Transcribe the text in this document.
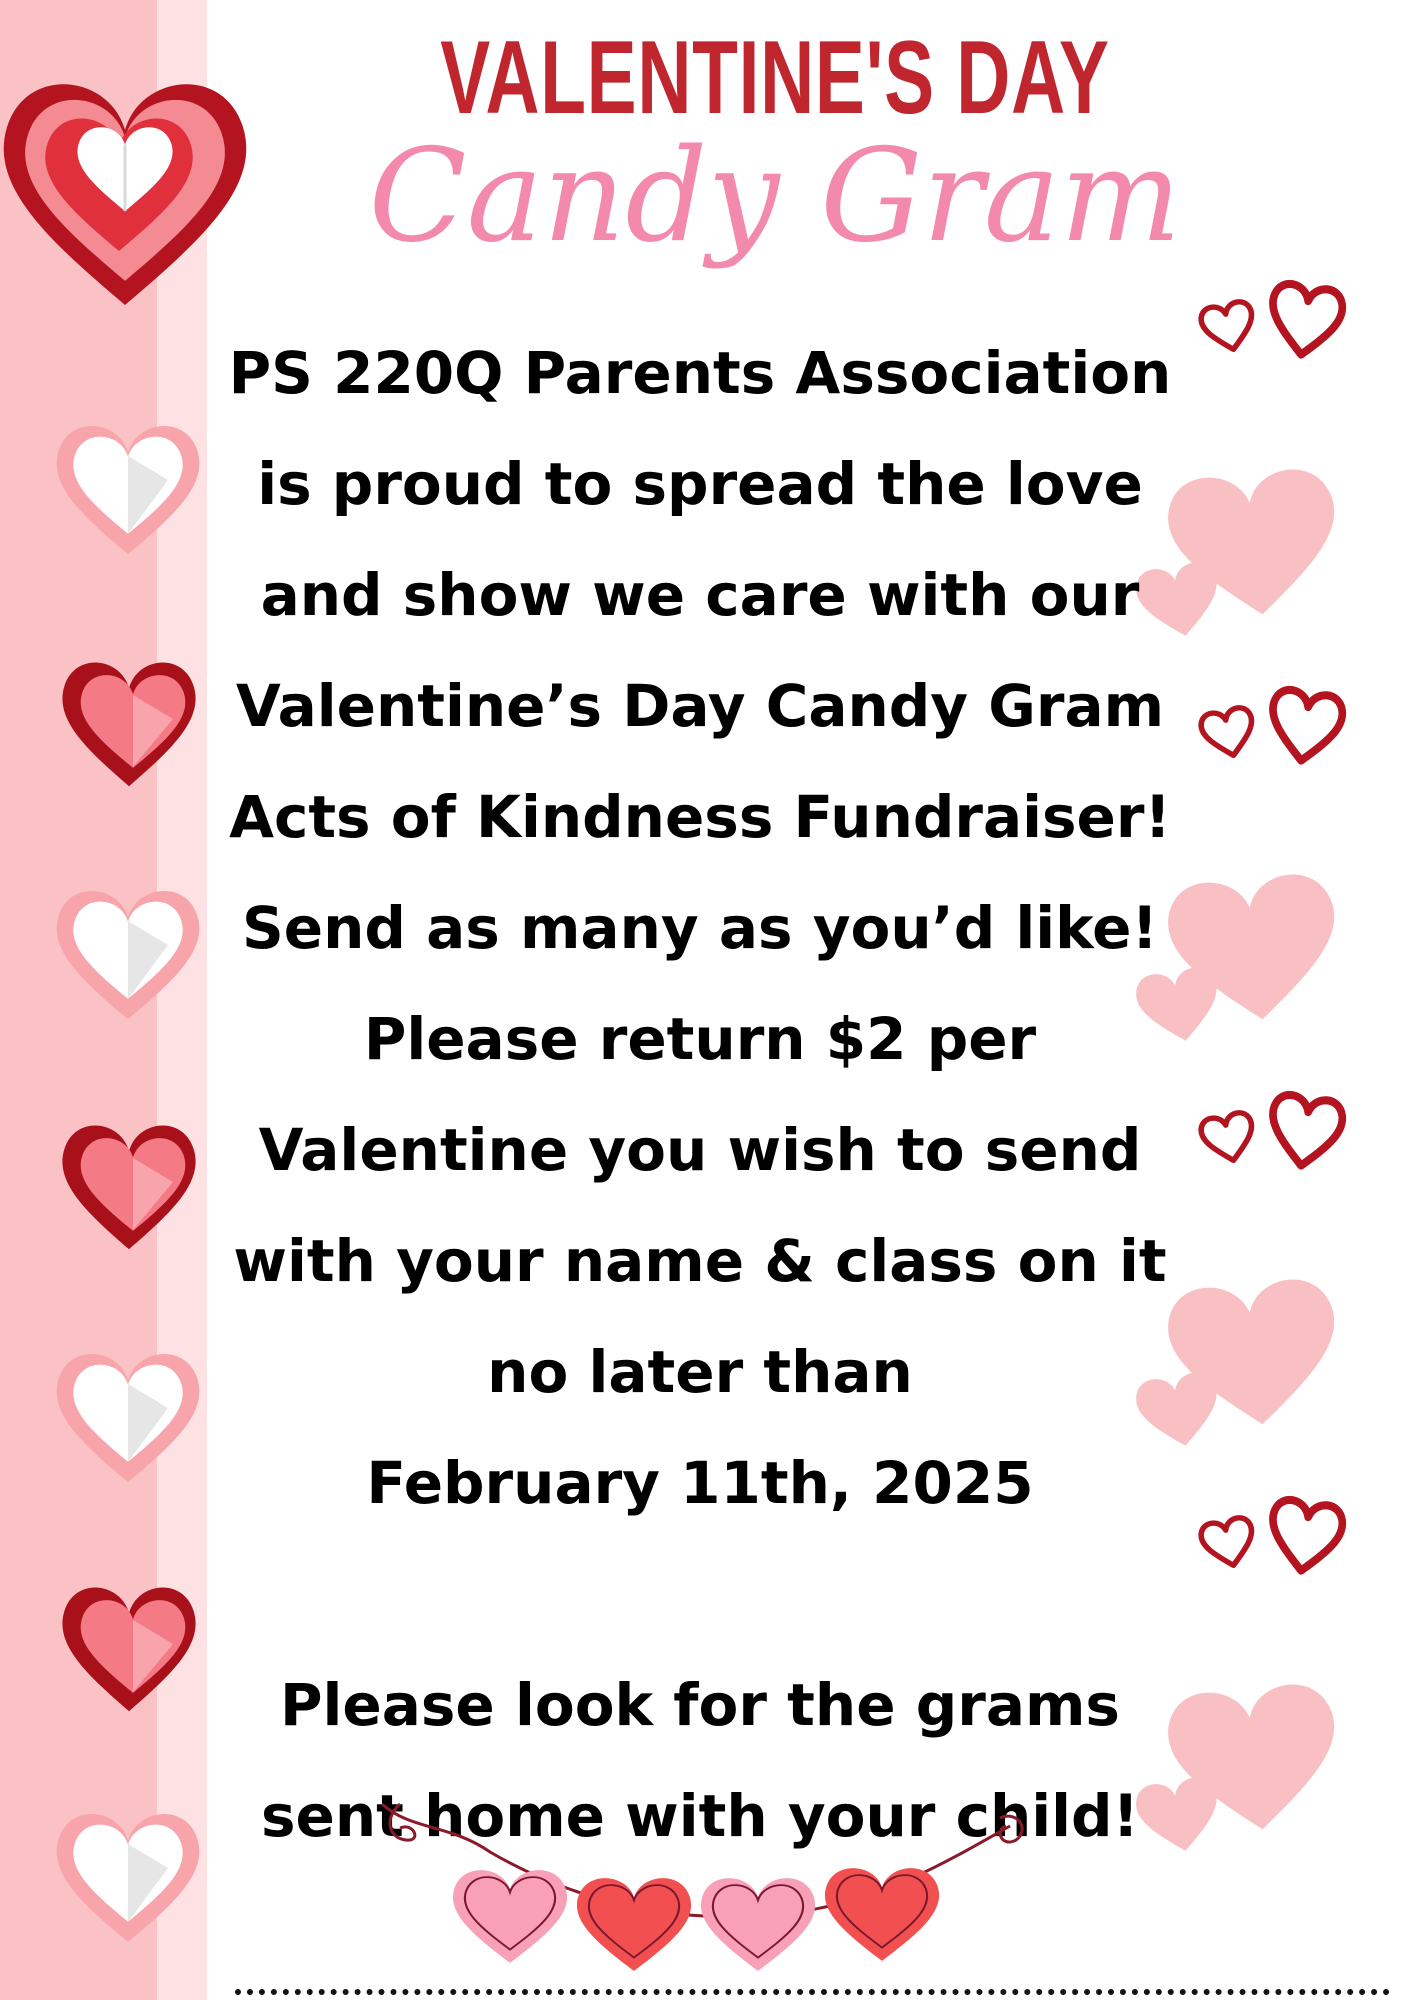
VALENTINE'S DAY
Candy Gram
PS 220Q Parents Association
is proud to spread the love
and show we care with our
Valentine’s Day Candy Gram
Acts of Kindness Fundraiser!
Send as many as you’d like!
Please return $2 per
Valentine you wish to send
with your name & class on it
no later than
February 11th, 2025
Please look for the grams
sent home with your child!
